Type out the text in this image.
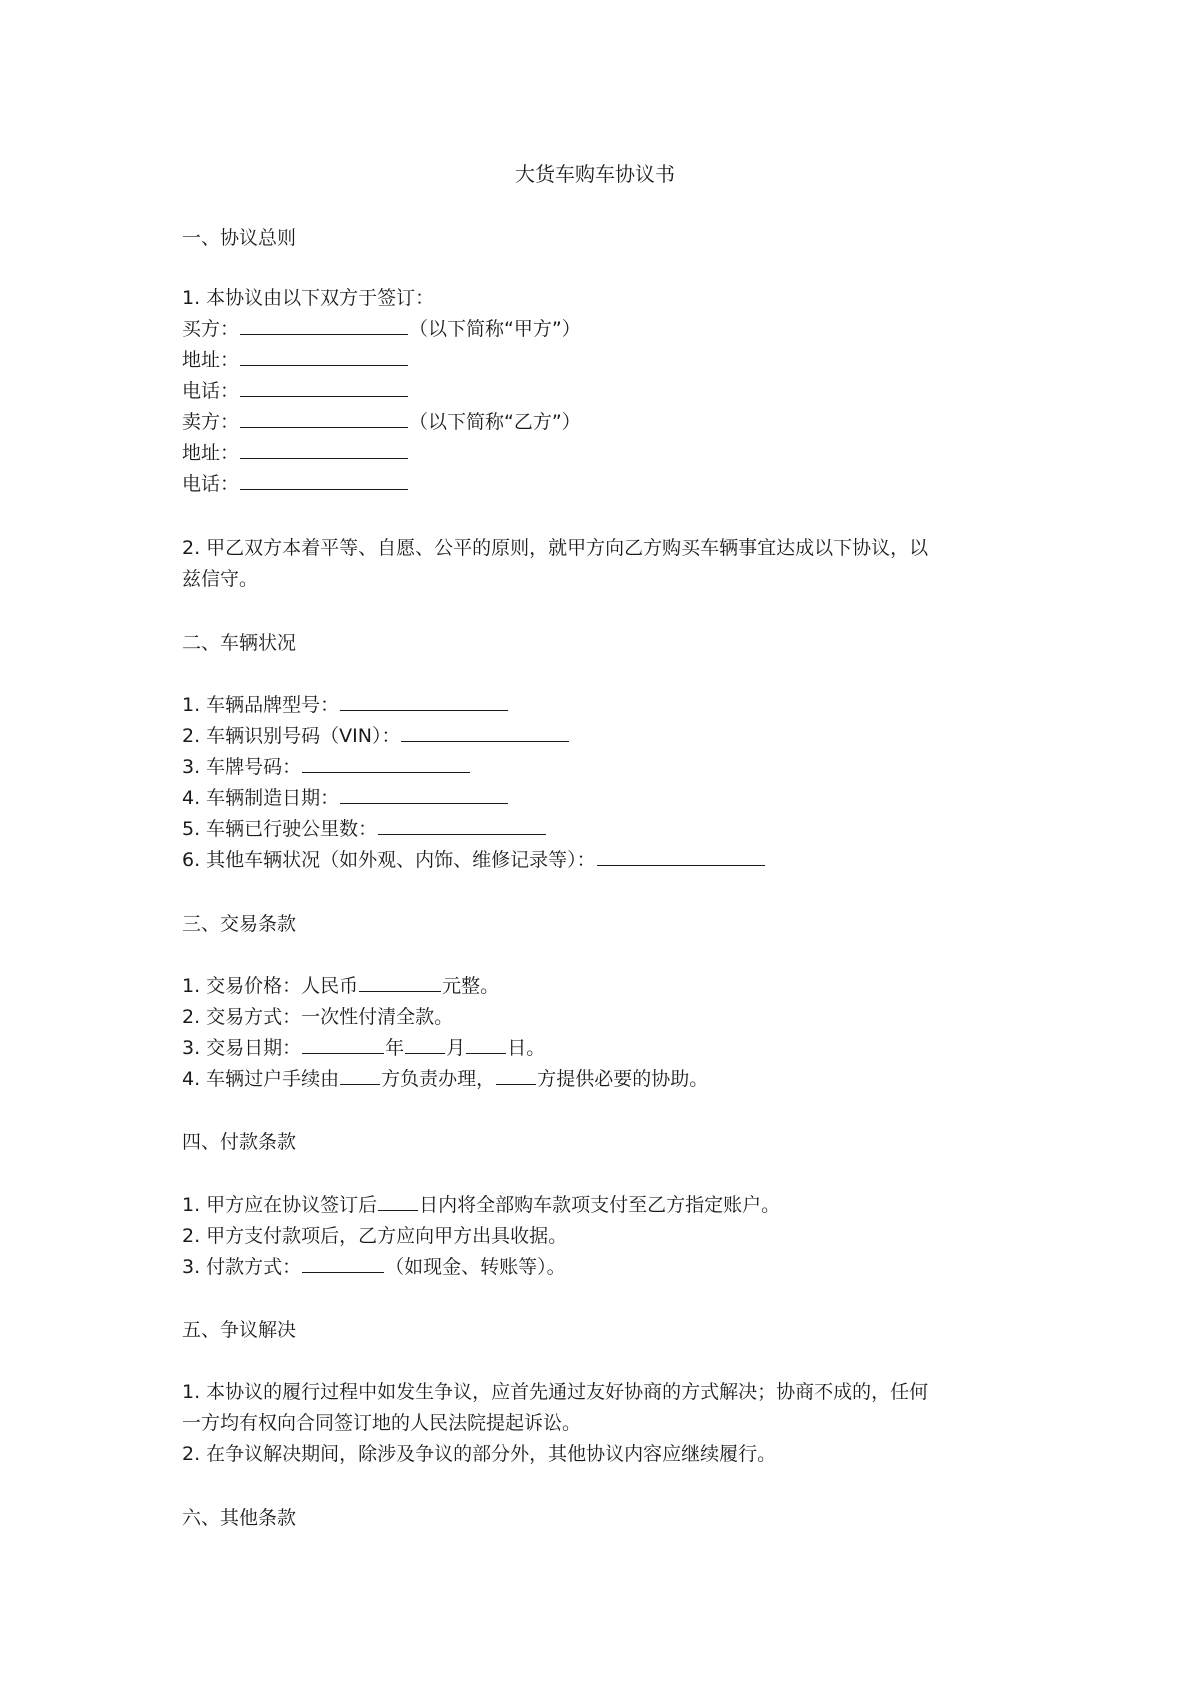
大货车购车协议书
一、协议总则
1. 本协议由以下双方于签订：
买方：	（以下简称“甲方”）
地址：
电话：
卖方：	（以下简称“乙方”）
地址：
电话：
2. 甲乙双方本着平等、自愿、公平的原则，就甲方向乙方购买车辆事宜达成以下协议，以
兹信守。
二、车辆状况
1. 车辆品牌型号：
2. 车辆识别号码（VIN）：
3. 车牌号码：
4. 车辆制造日期：
5. 车辆已行驶公里数：
6. 其他车辆状况（如外观、内饰、维修记录等）：
三、交易条款
1. 交易价格：人民币	元整。
2. 交易方式：一次性付清全款。
3. 交易日期：	年 月 日。
4. 车辆过户手续由 方负责办理， 方提供必要的协助。
四、付款条款
1. 甲方应在协议签订后 日内将全部购车款项支付至乙方指定账户。
2. 甲方支付款项后，乙方应向甲方出具收据。
3. 付款方式：	（如现金、转账等）。
五、争议解决
1. 本协议的履行过程中如发生争议，应首先通过友好协商的方式解决；协商不成的，任何
一方均有权向合同签订地的人民法院提起诉讼。
2. 在争议解决期间，除涉及争议的部分外，其他协议内容应继续履行。
六、其他条款
